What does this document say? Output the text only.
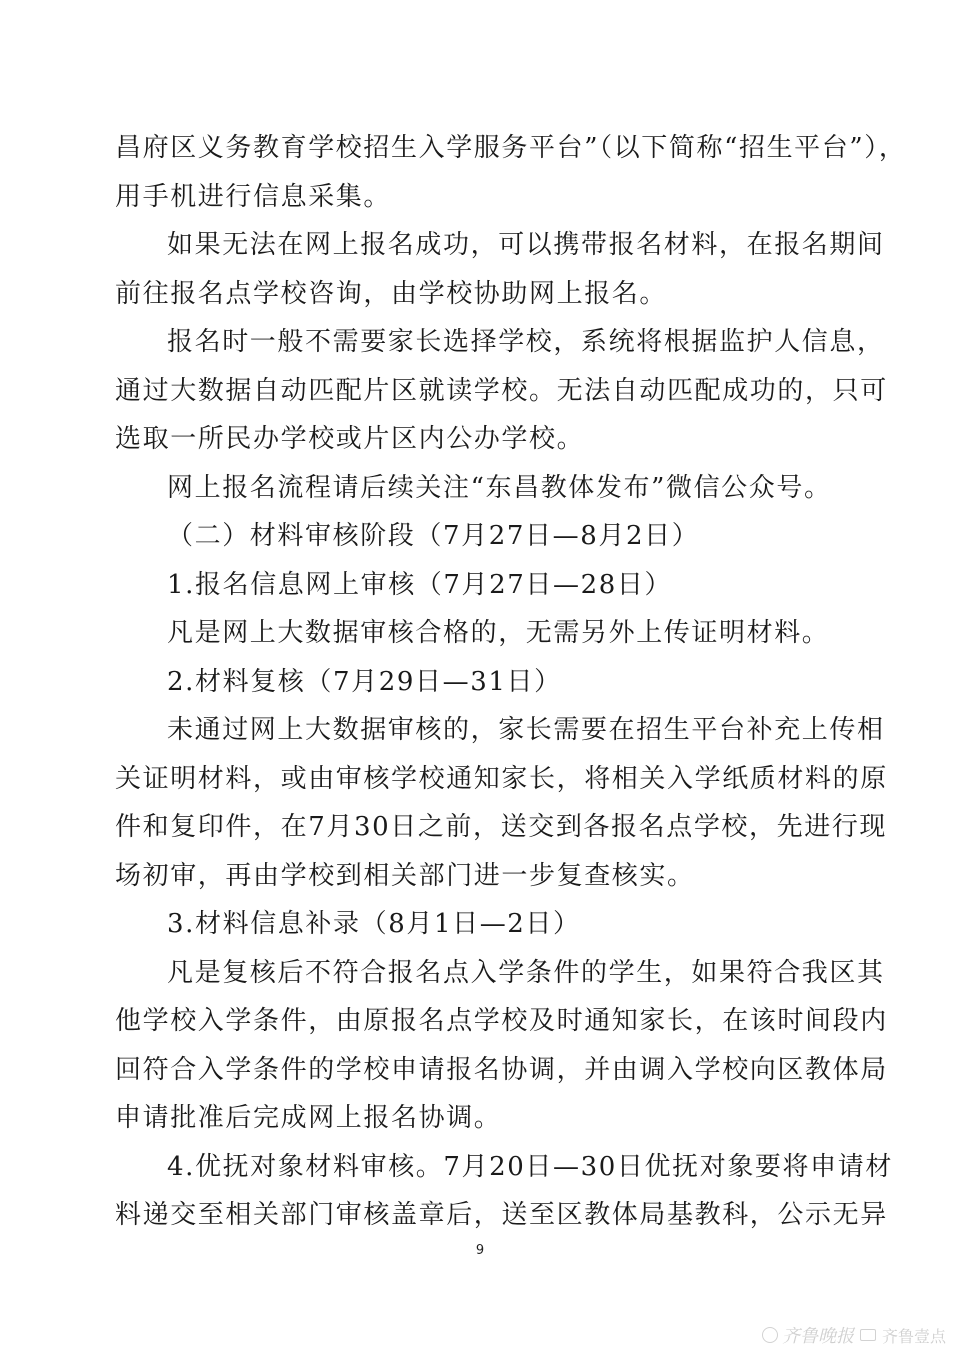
昌府区义务教育学校招生入学服务平台”（以下简称“招生平台”），
用手机进行信息采集。
如果无法在网上报名成功，可以携带报名材料，在报名期间
前往报名点学校咨询，由学校协助网上报名。
报名时一般不需要家长选择学校，系统将根据监护人信息，
通过大数据自动匹配片区就读学校。无法自动匹配成功的，只可
选取一所民办学校或片区内公办学校。
网上报名流程请后续关注“东昌教体发布”微信公众号。
（二）材料审核阶段（7月27日—8月2日）
1.报名信息网上审核（7月27日—28日）
凡是网上大数据审核合格的，无需另外上传证明材料。
2.材料复核（7月29日—31日）
未通过网上大数据审核的，家长需要在招生平台补充上传相
关证明材料，或由审核学校通知家长，将相关入学纸质材料的原
件和复印件，在7月30日之前，送交到各报名点学校，先进行现
场初审，再由学校到相关部门进一步复查核实。
3.材料信息补录（8月1日—2日）
凡是复核后不符合报名点入学条件的学生，如果符合我区其
他学校入学条件，由原报名点学校及时通知家长，在该时间段内
回符合入学条件的学校申请报名协调，并由调入学校向区教体局
申请批准后完成网上报名协调。
4.优抚对象材料审核。7月20日—30日优抚对象要将申请材
料递交至相关部门审核盖章后，送至区教体局基教科，公示无异
9
齐鲁晚报 齐鲁壹点
